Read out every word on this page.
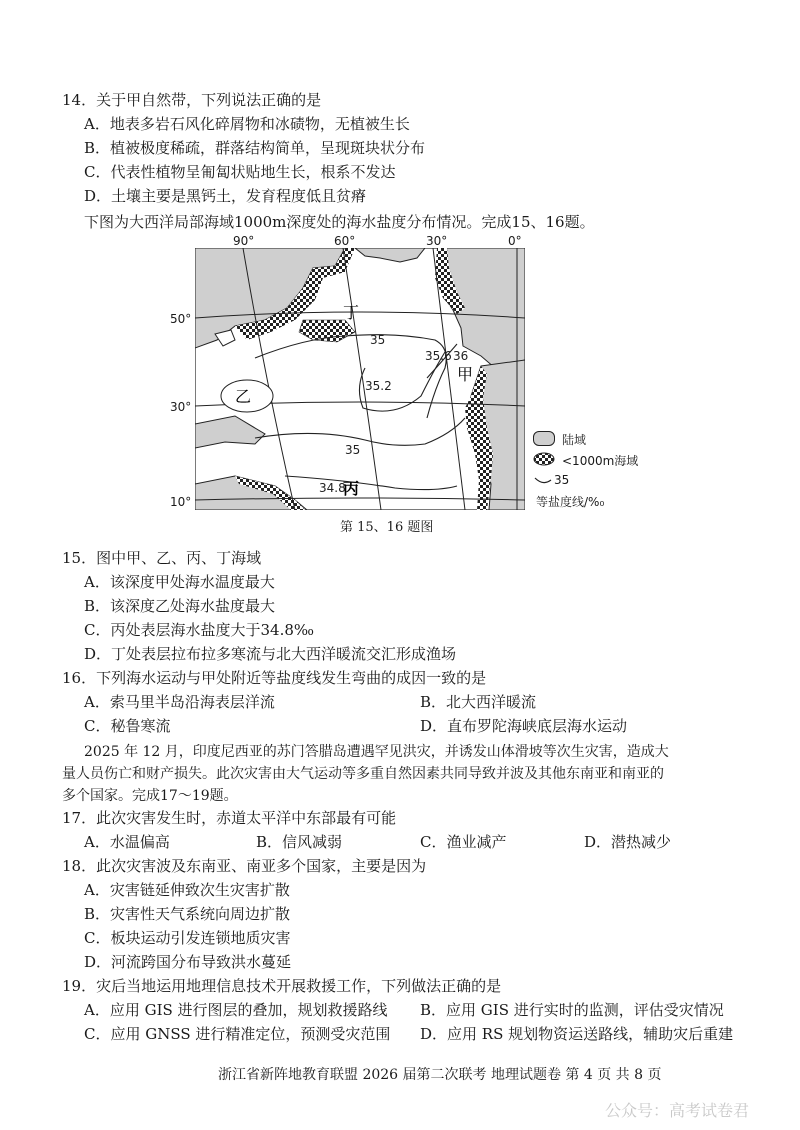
14．关于甲自然带，下列说法正确的是
A．地表多岩石风化碎屑物和冰碛物，无植被生长
B．植被极度稀疏，群落结构简单，呈现斑块状分布
C．代表性植物呈匍匐状贴地生长，根系不发达
D．土壤主要是黑钙土，发育程度低且贫瘠
下图为大西洋局部海域1000m深度处的海水盐度分布情况。完成15、16题。
35
35.6 36
35.2
35
34.8
丁
乙
甲
丙
90°	60°	30°	0°
50°
30°
10°
陆域
<1000m海域
35
等盐度线/%₀
第 15、16 题图
15．图中甲、乙、丙、丁海域
A．该深度甲处海水温度最大
B．该深度乙处海水盐度最大
C．丙处表层海水盐度大于34.8‰
D．丁处表层拉布拉多寒流与北大西洋暖流交汇形成渔场
16．下列海水运动与甲处附近等盐度线发生弯曲的成因一致的是
A．索马里半岛沿海表层洋流	B．北大西洋暖流
C．秘鲁寒流	D．直布罗陀海峡底层海水运动
2025 年 12 月，印度尼西亚的苏门答腊岛遭遇罕见洪灾，并诱发山体滑坡等次生灾害，造成大
量人员伤亡和财产损失。此次灾害由大气运动等多重自然因素共同导致并波及其他东南亚和南亚的
多个国家。完成17～19题。
17．此次灾害发生时，赤道太平洋中东部最有可能
A．水温偏高	B．信风减弱	C．渔业减产	D．潜热减少
18．此次灾害波及东南亚、南亚多个国家，主要是因为
A．灾害链延伸致次生灾害扩散
B．灾害性天气系统向周边扩散
C．板块运动引发连锁地质灾害
D．河流跨国分布导致洪水蔓延
19．灾后当地运用地理信息技术开展救援工作，下列做法正确的是
A．应用 GIS 进行图层的叠加，规划救援路线 B．应用 GIS 进行实时的监测，评估受灾情况
C．应用 GNSS 进行精准定位，预测受灾范围 D．应用 RS 规划物资运送路线，辅助灾后重建
浙江省新阵地教育联盟 2026 届第二次联考 地理试题卷 第 4 页 共 8 页
公众号：高考试卷君
